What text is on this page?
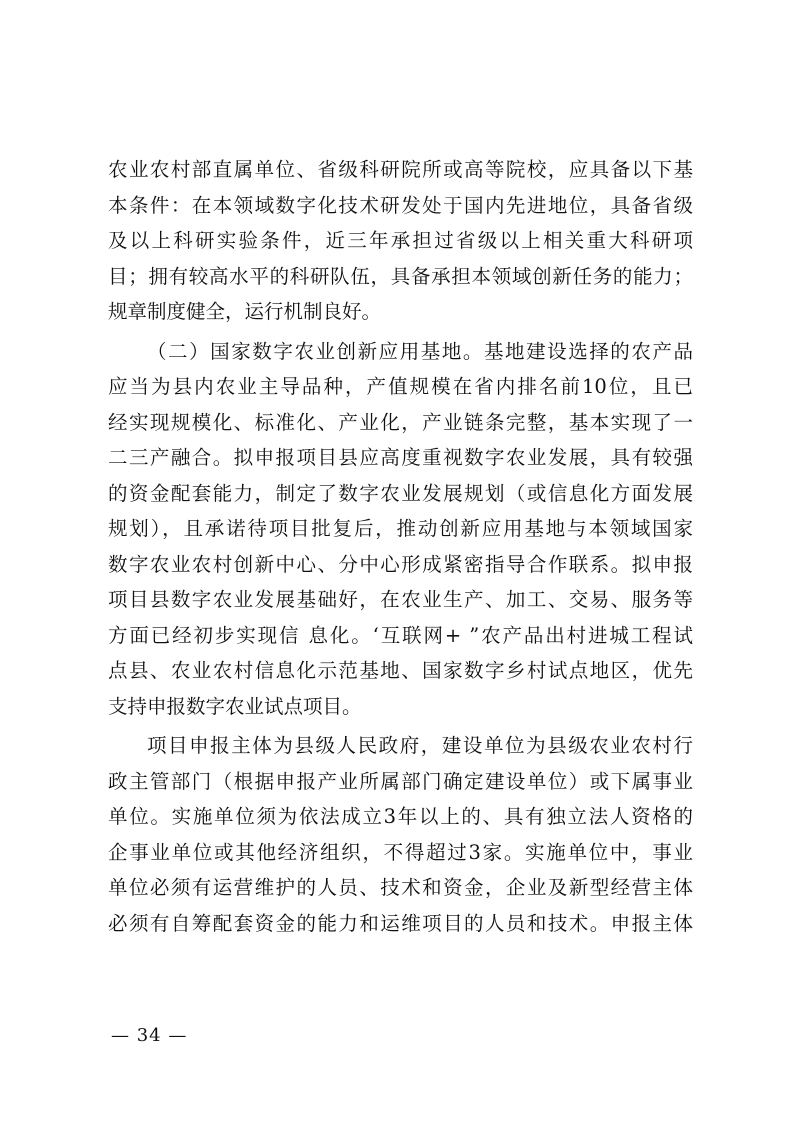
农业农村部直属单位、省级科研院所或高等院校，应具备以下基
本条件：在本领域数字化技术研发处于国内先进地位，具备省级
及以上科研实验条件，近三年承担过省级以上相关重大科研项
目；拥有较高水平的科研队伍，具备承担本领域创新任务的能力；
规章制度健全，运行机制良好。
（二）国家数字农业创新应用基地。基地建设选择的农产品
应当为县内农业主导品种，产值规模在省内排名前10位，且已
经实现规模化、标准化、产业化，产业链条完整，基本实现了一
二三产融合。拟申报项目县应高度重视数字农业发展，具有较强
的资金配套能力，制定了数字农业发展规划（或信息化方面发展
规划），且承诺待项目批复后，推动创新应用基地与本领域国家
数字农业农村创新中心、分中心形成紧密指导合作联系。拟申报
项目县数字农业发展基础好，在农业生产、加工、交易、服务等
方面已经初步实现信 息化。‘互联网+ ”农产品出村进城工程试
点县、农业农村信息化示范基地、国家数字乡村试点地区，优先
支持申报数字农业试点项目。
项目申报主体为县级人民政府，建设单位为县级农业农村行
政主管部门（根据申报产业所属部门确定建设单位）或下属事业
单位。实施单位须为依法成立3年以上的、具有独立法人资格的
企事业单位或其他经济组织，不得超过3家。实施单位中，事业
单位必须有运营维护的人员、技术和资金，企业及新型经营主体
必须有自筹配套资金的能力和运维项目的人员和技术。申报主体
— 34 —
